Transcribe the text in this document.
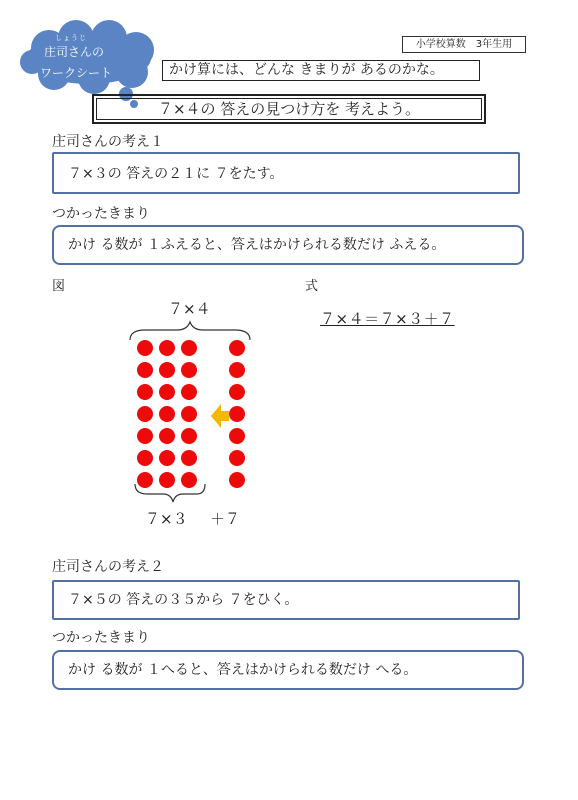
小学校算数　3年生用
しょうじ
庄司さんの
ワークシート	かけ算には、どんな きまりが あるのかな。
７×４の 答えの見つけ方を 考えよう。
庄司さんの考え１
７×３の 答えの２１に ７をたす。
つかったきまり
かけ る数が １ふえると、答えはかけられる数だけ ふえる。
図	式
７×４＝７×３＋７
７×４
７×３ ＋７
庄司さんの考え２
７×５の 答えの３５から ７をひく。
つかったきまり
かけ る数が １へると、答えはかけられる数だけ へる。
